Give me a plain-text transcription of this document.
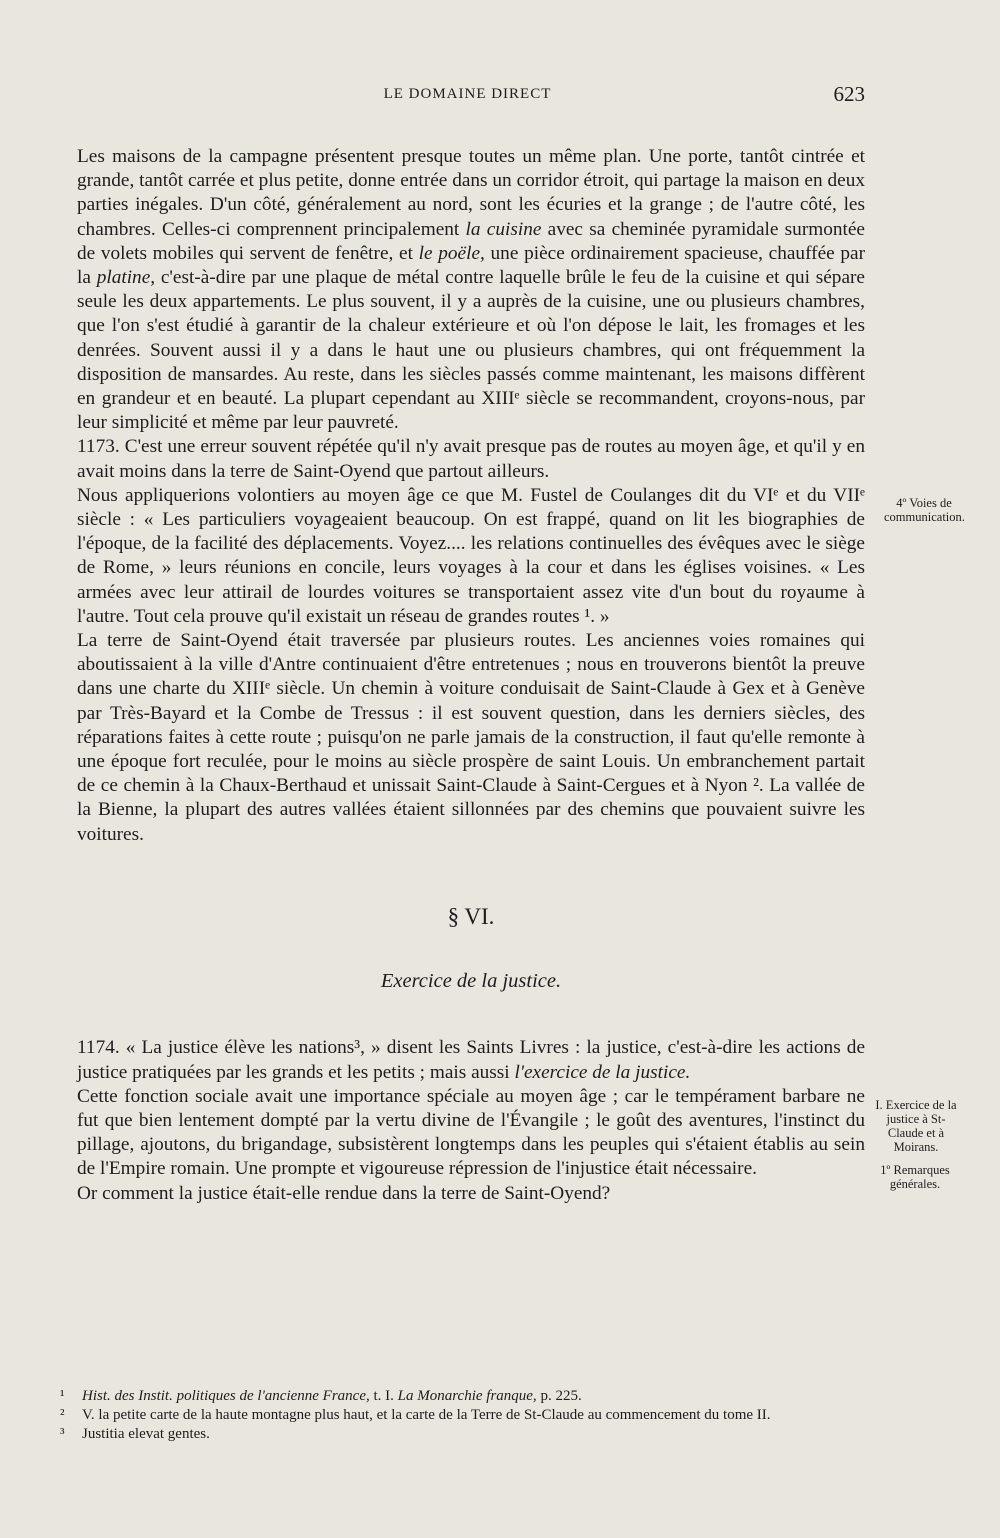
LE DOMAINE DIRECT	623

Les maisons de la campagne présentent presque toutes un même plan. Une porte, tantôt cintrée et grande, tantôt carrée et plus petite, donne entrée dans un corridor étroit, qui partage la maison en deux parties inégales. D'un côté, généralement au nord, sont les écuries et la grange ; de l'autre côté, les chambres. Celles-ci comprennent principalement la cuisine avec sa cheminée pyramidale surmontée de volets mobiles qui servent de fenêtre, et le poële, une pièce ordinairement spacieuse, chauffée par la platine, c'est-à-dire par une plaque de métal contre laquelle brûle le feu de la cuisine et qui sépare seule les deux appartements. Le plus souvent, il y a auprès de la cuisine, une ou plusieurs chambres, que l'on s'est étudié à garantir de la chaleur extérieure et où l'on dépose le lait, les fromages et les denrées. Souvent aussi il y a dans le haut une ou plusieurs chambres, qui ont fréquemment la disposition de mansardes. Au reste, dans les siècles passés comme maintenant, les maisons diffèrent en grandeur et en beauté. La plupart cependant au XIIIᵉ siècle se recommandent, croyons-nous, par leur simplicité et même par leur pauvreté.

1173. C'est une erreur souvent répétée qu'il n'y avait presque pas de routes au moyen âge, et qu'il y en avait moins dans la terre de Saint-Oyend que partout ailleurs.

Nous appliquerions volontiers au moyen âge ce que M. Fustel de Coulanges dit du VIᵉ et du VIIᵉ siècle : « Les particuliers voyageaient beaucoup. On est frappé, quand on lit les biographies de l'époque, de la facilité des déplacements. Voyez.... les relations continuelles des évêques avec le siège de Rome, » leurs réunions en concile, leurs voyages à la cour et dans les églises voisines. « Les armées avec leur attirail de lourdes voitures se transportaient assez vite d'un bout du royaume à l'autre. Tout cela prouve qu'il existait un réseau de grandes routes ¹. »

La terre de Saint-Oyend était traversée par plusieurs routes. Les anciennes voies romaines qui aboutissaient à la ville d'Antre continuaient d'être entretenues ; nous en trouverons bientôt la preuve dans une charte du XIIIᵉ siècle. Un chemin à voiture conduisait de Saint-Claude à Gex et à Genève par Très-Bayard et la Combe de Tressus : il est souvent question, dans les derniers siècles, des réparations faites à cette route ; puisqu'on ne parle jamais de la construction, il faut qu'elle remonte à une époque fort reculée, pour le moins au siècle prospère de saint Louis. Un embranchement partait de ce chemin à la Chaux-Berthaud et unissait Saint-Claude à Saint-Cergues et à Nyon ². La vallée de la Bienne, la plupart des autres vallées étaient sillonnées par des chemins que pouvaient suivre les voitures.

§ VI.
Exercice de la justice.

1174. « La justice élève les nations³, » disent les Saints Livres : la justice, c'est-à-dire les actions de justice pratiquées par les grands et les petits ; mais aussi l'exercice de la justice.

Cette fonction sociale avait une importance spéciale au moyen âge ; car le tempérament barbare ne fut que bien lentement dompté par la vertu divine de l'Évangile ; le goût des aventures, l'instinct du pillage, ajoutons, du brigandage, subsistèrent longtemps dans les peuples qui s'étaient établis au sein de l'Empire romain. Une prompte et vigoureuse répression de l'injustice était nécessaire.

Or comment la justice était-elle rendue dans la terre de Saint-Oyend?

4º Voies de communication.
I. Exercice de la justice à St-Claude et à Moirans.
1º Remarques générales.
¹ Hist. des Instit. politiques de l'ancienne France, t. I. La Monarchie franque, p. 225.
² V. la petite carte de la haute montagne plus haut, et la carte de la Terre de St-Claude au commencement du tome II.
³ Justitia elevat gentes.
